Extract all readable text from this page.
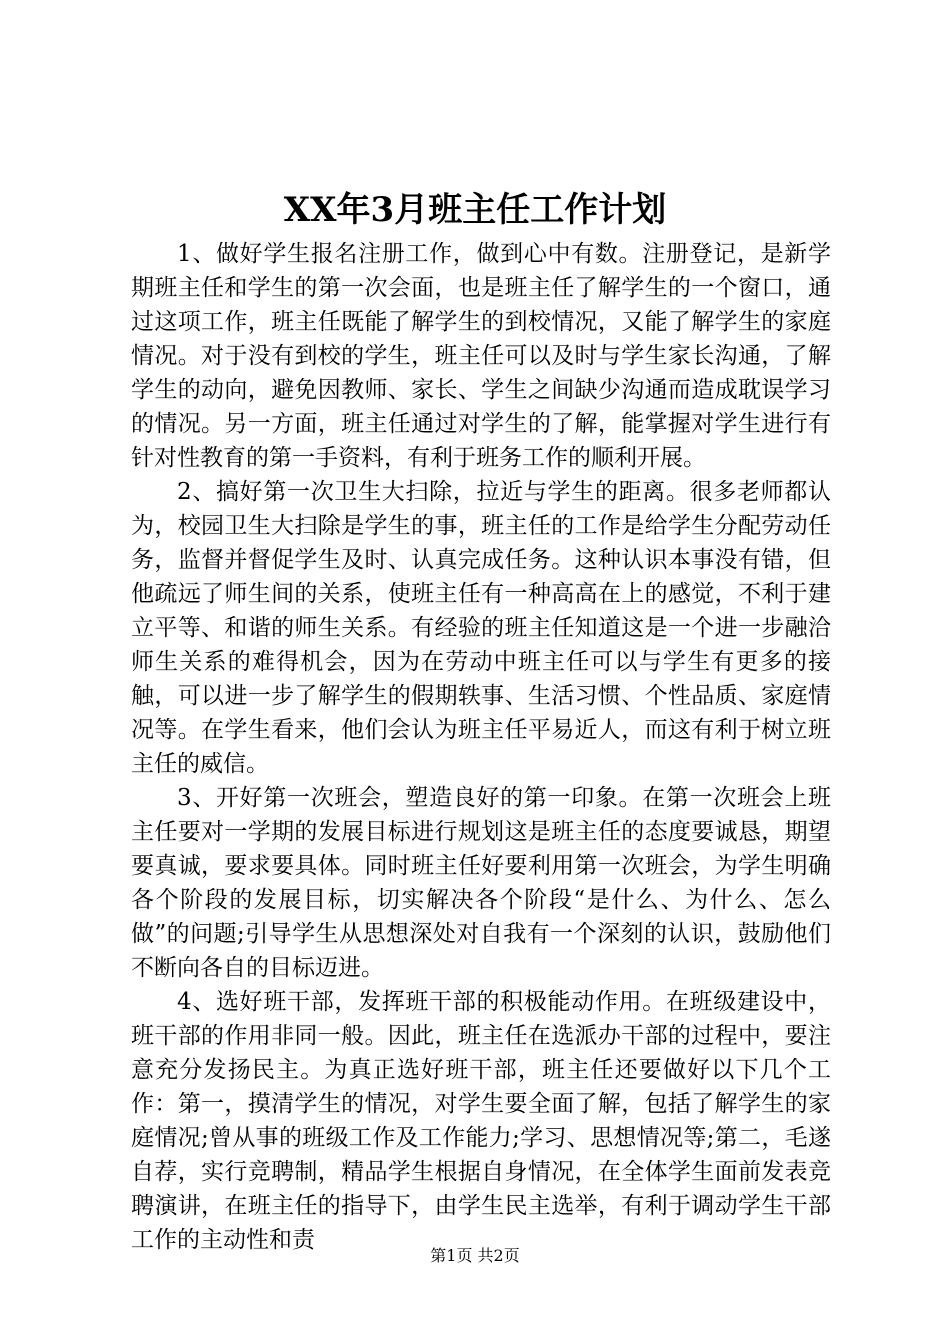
XX年3月班主任工作计划

1、做好学生报名注册工作，做到心中有数。注册登记，是新学期班主任和学生的第一次会面，也是班主任了解学生的一个窗口，通过这项工作，班主任既能了解学生的到校情况，又能了解学生的家庭情况。对于没有到校的学生，班主任可以及时与学生家长沟通，了解学生的动向，避免因教师、家长、学生之间缺少沟通而造成耽误学习的情况。另一方面，班主任通过对学生的了解，能掌握对学生进行有针对性教育的第一手资料，有利于班务工作的顺利开展。

2、搞好第一次卫生大扫除，拉近与学生的距离。很多老师都认为，校园卫生大扫除是学生的事，班主任的工作是给学生分配劳动任务，监督并督促学生及时、认真完成任务。这种认识本事没有错，但他疏远了师生间的关系，使班主任有一种高高在上的感觉，不利于建立平等、和谐的师生关系。有经验的班主任知道这是一个进一步融洽师生关系的难得机会，因为在劳动中班主任可以与学生有更多的接触，可以进一步了解学生的假期轶事、生活习惯、个性品质、家庭情况等。在学生看来，他们会认为班主任平易近人，而这有利于树立班主任的威信。

3、开好第一次班会，塑造良好的第一印象。在第一次班会上班主任要对一学期的发展目标进行规划这是班主任的态度要诚恳，期望要真诚，要求要具体。同时班主任好要利用第一次班会，为学生明确各个阶段的发展目标，切实解决各个阶段“是什么、为什么、怎么做”的问题;引导学生从思想深处对自我有一个深刻的认识，鼓励他们不断向各自的目标迈进。

4、选好班干部，发挥班干部的积极能动作用。在班级建设中，班干部的作用非同一般。因此，班主任在选派办干部的过程中，要注意充分发扬民主。为真正选好班干部，班主任还要做好以下几个工作：第一，摸清学生的情况，对学生要全面了解，包括了解学生的家庭情况;曾从事的班级工作及工作能力;学习、思想情况等;第二，毛遂自荐，实行竞聘制，精品学生根据自身情况，在全体学生面前发表竞聘演讲，在班主任的指导下，由学生民主选举，有利于调动学生干部工作的主动性和责

第1页 共2页
